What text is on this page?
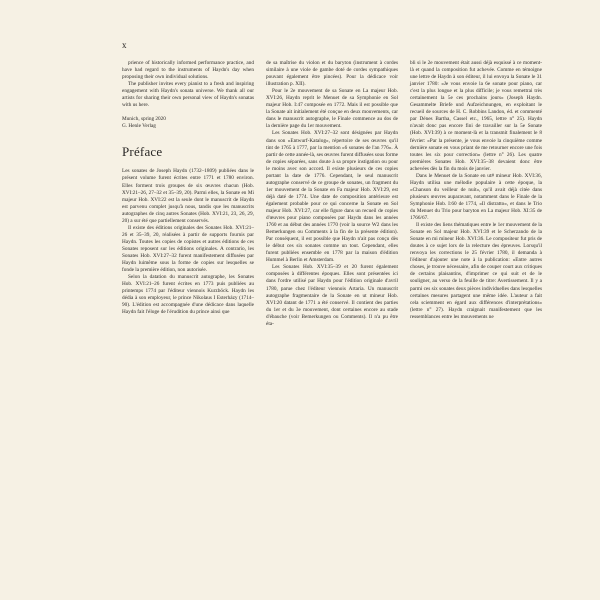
x

prience of historically informed performance practice, and have had regard to the instruments of Haydn's day when proposing their own individual solutions.

The publisher invites every pianist to a fresh and inspiring engagement with Haydn's sonata universe. We thank all our artists for sharing their own personal view of Haydn's sonatas with us here.

Munich, spring 2020

G. Henle Verlag

Préface

Les sonates de Joseph Haydn (1732–1809) publiées dans le présent volume furent écrites entre 1771 et 1780 environ. Elles forment trois groupes de six œuvres chacun (Hob. XVI:21–26, 27–32 et 35–39, 20). Parmi elles, la Sonate en Mi majeur Hob. XVI:22 est la seule dont le manuscrit de Haydn est parvenu complet jusqu'à nous, tandis que les manuscrits autographes de cinq autres Sonates (Hob. XVI:21, 23, 26, 29, 20) a sur été que partiellement conservés.

Il existe des éditions originales des Sonates Hob. XVI:21–26 et 35–39, 20, réalisées à partir de supports fournis par Haydn. Toutes les copies de copistes et autres éditions de ces Sonates reposent sur les éditions originales. A contrario, les Sonates Hob. XVI:27–32 furent manifestement diffusées par Haydn luimême sous la forme de copies sur lesquelles se fonde la première édition, non autorisée.

Selon la datation du manuscrit autographe, les Sonates Hob. XVI:21–26 furent écrites en 1773 puis publiées au printemps 1774 par l'éditeur viennois Kurzböck. Haydn les dédia à son employeur, le prince Nikolaus I Esterházy (1714–90). L'édition est accompagnée d'une dédicace dans laquelle Haydn fait l'éloge de l'érudition du prince ainsi que

de sa maîtrise du violon et du baryton (instrument à cordes similaire à une viole de gambe doté de cordes sympathiques pouvant également être pincées). Pour la dédicace voir illustration p. XII).

Pour le 2e mouvement de sa Sonate en La majeur Hob. XVI:26, Haydn reprit le Menuet de sa Symphonie en Sol majeur Hob. I:47 composée en 1772. Mais il est possible que la Sonate ait initialement été conçue en deux mouvements, car dans le manuscrit autographe, le Finale commence au dos de la dernière page du 1er mouvement.

Les Sonates Hob. XVI:27–32 sont désignées par Haydn dans son «Entwurf-Katalog», répertoire de ses œuvres qu'il tint de 1765 à 1777, par la mention «6 sonates de l'an 776». À partir de cette année-là, ses œuvres furent diffusées sous forme de copies séparées, sans doute à sa propre instigation ou pour le moins avec son accord. Il existe plusieurs de ces copies portant la date de 1776. Cependant, le seul manuscrit autographe conservé de ce groupe de sonates, un fragment du 1er mouvement de la Sonate en Fa majeur Hob. XVI:29, est déjà daté de 1774. Une date de composition antérieure est également probable pour ce qui concerne la Sonate en Sol majeur Hob. XVI:27, car elle figure dans un recueil de copies d'œuvres pour piano composées par Haydn dans les années 1760 et au début des années 1770 (voir la source W2 dans les Bemerkungen ou Comments à la fin de la présente édition). Par conséquent, il est possible que Haydn n'ait pas conçu dès le début ces six sonates comme un tout. Cependant, elles furent publiées ensemble en 1778 par la maison d'édition Hummel à Berlin et Amsterdam.

Les Sonates Hob. XVI:35–39 et 20 furent également composées à différentes époques. Elles sont présentées ici dans l'ordre utilisé par Haydn pour l'édition originale d'avril 1780, parue chez l'éditeur viennois Artaria. Un manuscrit autographe fragmentaire de la Sonate en ut mineur Hob. XVI:20 datant de 1771 a été conservé. Il contient des parties du 1er et du 3e mouvement, dont certaines encore au stade d'ébauche (voir Bemerkungen ou Comments). Il n'a pu être éta-

bli si le 2e mouvement était aussi déjà esquissé à ce moment-là et quand la composition fut achevée. Comme en témoigne une lettre de Haydn à son éditeur, il lui envoya la Sonate le 31 janvier 1780: «Je vous envoie la 6e sonate pour piano, car c'est la plus longue et la plus difficile; je vous remettrai très certainement la 5e ces prochains jours» (Joseph Haydn. Gesammelte Briefe und Aufzeichnungen, en exploitant le recueil de sources de H. C. Robbins Landon, éd. et commenté par Dénes Bartha, Cassel etc., 1965, lettre n° 25). Haydn n'avait donc pas encore fini de travailler sur la 5e Sonate (Hob. XVI:39) à ce moment-là et la transmit finalement le 8 février: «Par la présente, je vous envoie la cinquième comme dernière sonate en vous priant de me retourner encore une fois toutes les six pour correction» (lettre n° 26). Les quatre premières Sonates Hob. XVI:35–38 devaient donc être achevées dès la fin du mois de janvier.

Dans le Menuet de la Sonate en ut# mineur Hob. XVI:36, Haydn utilisa une mélodie populaire à cette époque, la «Chanson du veilleur de nuit», qu'il avait déjà citée dans plusieurs œuvres auparavant, notamment dans le Finale de la Symphonie Hob. I:60 de 1774, «Il distratto», et dans le Trio du Menuet du Trio pour baryton en La majeur Hob. XI:35 de 1766/67.

Il existe des liens thématiques entre le 1er mouvement de la Sonate en Sol majeur Hob. XVI:39 et le Scherzando de la Sonate en mi mineur Hob. XVI:36. Le compositeur fut pris de doutes à ce sujet lors de la relecture des épreuves. Lorsqu'il renvoya les corrections le 25 février 1780, il demanda à l'éditeur d'ajouter une note à la publication: «Entre autres choses, je trouve nécessaire, afin de couper court aux critiques de certains plaisantins, d'imprimer ce qui suit et de le souligner, au verso de la feuille de titre: Avertissement. Il y a parmi ces six sonates deux pièces individuelles dans lesquelles certaines mesures partagent une même idée. L'auteur a fait cela sciemment en égard aux différences d'interprétations» (lettre n° 27). Haydn craignait manifestement que les ressemblances entre les mouvements ne
